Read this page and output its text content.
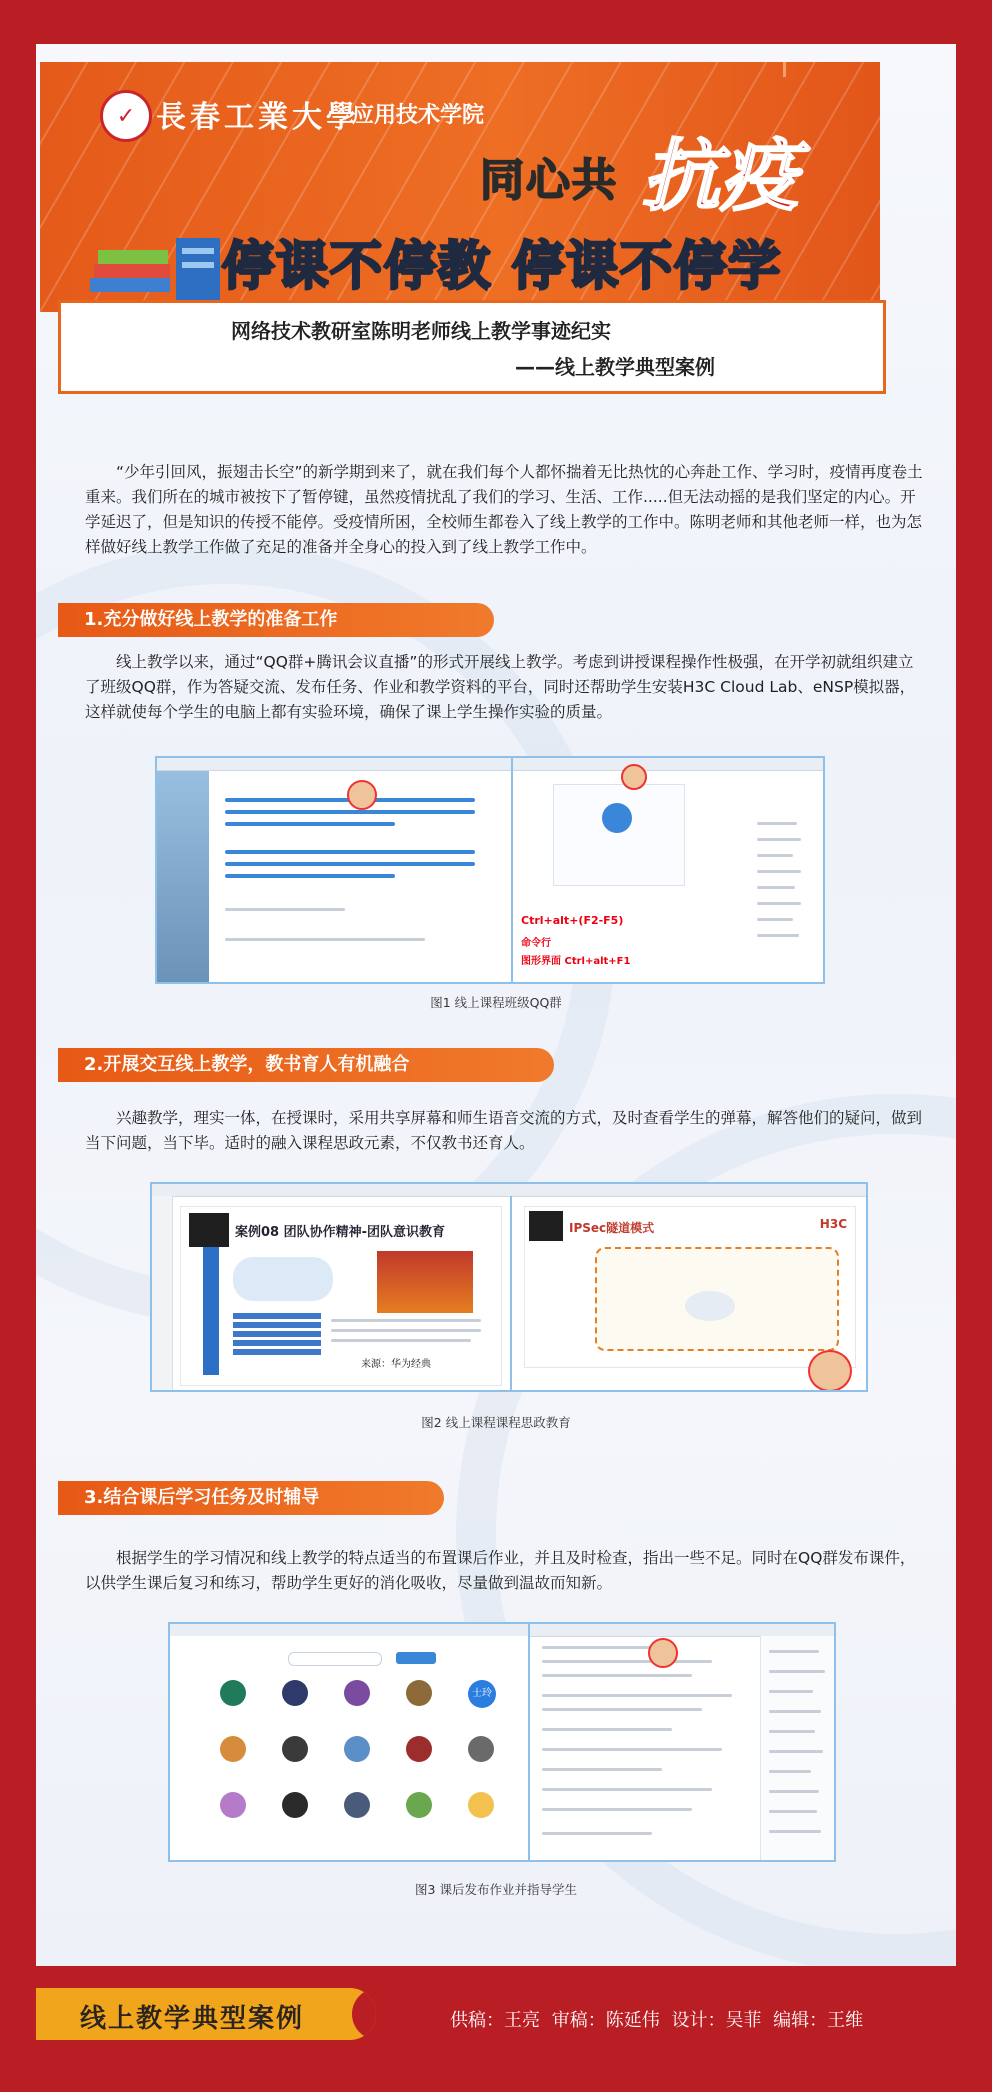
✓ 長春工業大學
应用技术学院
同心共 抗疫
停课不停教 停课不停学
网络技术教研室陈明老师线上教学事迹纪实
——线上教学典型案例

“少年引回风，振翅击长空”的新学期到来了，就在我们每个人都怀揣着无比热忱的心奔赴工作、学习时，疫情再度卷土重来。我们所在的城市被按下了暂停键，虽然疫情扰乱了我们的学习、生活、工作.....但无法动摇的是我们坚定的内心。开学延迟了，但是知识的传授不能停。受疫情所困，全校师生都卷入了线上教学的工作中。陈明老师和其他老师一样，也为怎样做好线上教学工作做了充足的准备并全身心的投入到了线上教学工作中。

1.充分做好线上教学的准备工作

线上教学以来，通过“QQ群+腾讯会议直播”的形式开展线上教学。考虑到讲授课程操作性极强，在开学初就组织建立了班级QQ群，作为答疑交流、发布任务、作业和教学资料的平台，同时还帮助学生安装H3C Cloud Lab、eNSP模拟器，这样就使每个学生的电脑上都有实验环境，确保了课上学生操作实验的质量。

Ctrl+alt+(F2-F5)
命令行
图形界面 Ctrl+alt+F1
图1 线上课程班级QQ群
2.开展交互线上教学，教书育人有机融合

兴趣教学，理实一体，在授课时，采用共享屏幕和师生语音交流的方式，及时查看学生的弹幕，解答他们的疑问，做到当下问题，当下毕。适时的融入课程思政元素，不仅教书还育人。

案例08 团队协作精神-团队意识教育
来源：华为经典
IPSec隧道模式	H3C
图2 线上课程课程思政教育
3.结合课后学习任务及时辅导

根据学生的学习情况和线上教学的特点适当的布置课后作业，并且及时检查，指出一些不足。同时在QQ群发布课件，以供学生课后复习和练习，帮助学生更好的消化吸收，尽量做到温故而知新。

士玲
图3 课后发布作业并指导学生
线上教学典型案例	供稿：王亮 审稿：陈延伟 设计：吴菲 编辑：王维
